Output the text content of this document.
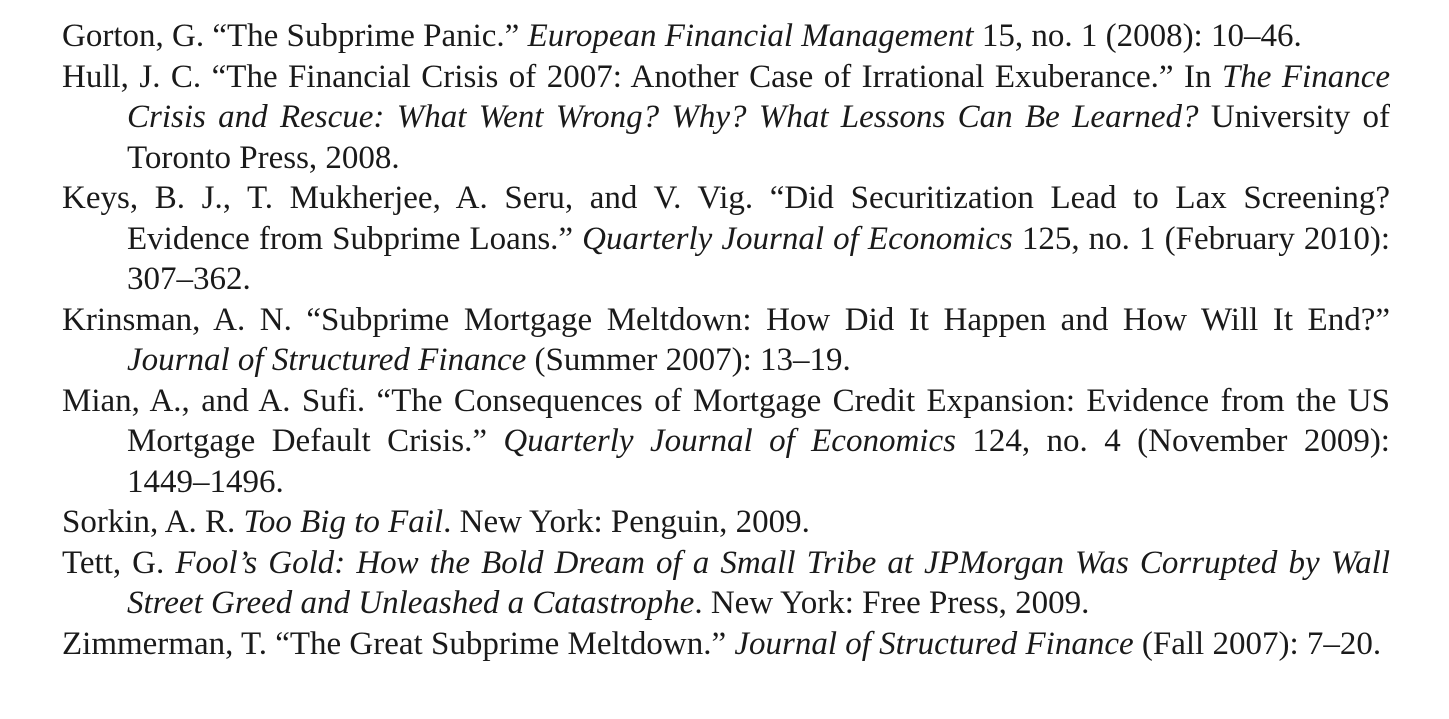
Gorton, G. “The Subprime Panic.” European Financial Management 15, no. 1 (2008): 10–46.

Hull, J. C. “The Financial Crisis of 2007: Another Case of Irrational Exuberance.” In The Finance Crisis and Rescue: What Went Wrong? Why? What Lessons Can Be Learned? University of Toronto Press, 2008.

Keys, B. J., T. Mukherjee, A. Seru, and V. Vig. “Did Securitization Lead to Lax Screening? Evidence from Subprime Loans.” Quarterly Journal of Economics 125, no. 1 (February 2010): 307–362.

Krinsman, A. N. “Subprime Mortgage Meltdown: How Did It Happen and How Will It End?” Journal of Structured Finance (Summer 2007): 13–19.

Mian, A., and A. Sufi. “The Consequences of Mortgage Credit Expansion: Evidence from the US Mortgage Default Crisis.” Quarterly Journal of Economics 124, no. 4 (November 2009): 1449–1496.

Sorkin, A. R. Too Big to Fail. New York: Penguin, 2009.

Tett, G. Fool’s Gold: How the Bold Dream of a Small Tribe at JPMorgan Was Corrupted by Wall Street Greed and Unleashed a Catastrophe. New York: Free Press, 2009.

Zimmerman, T. “The Great Subprime Meltdown.” Journal of Structured Finance (Fall 2007): 7–20.
